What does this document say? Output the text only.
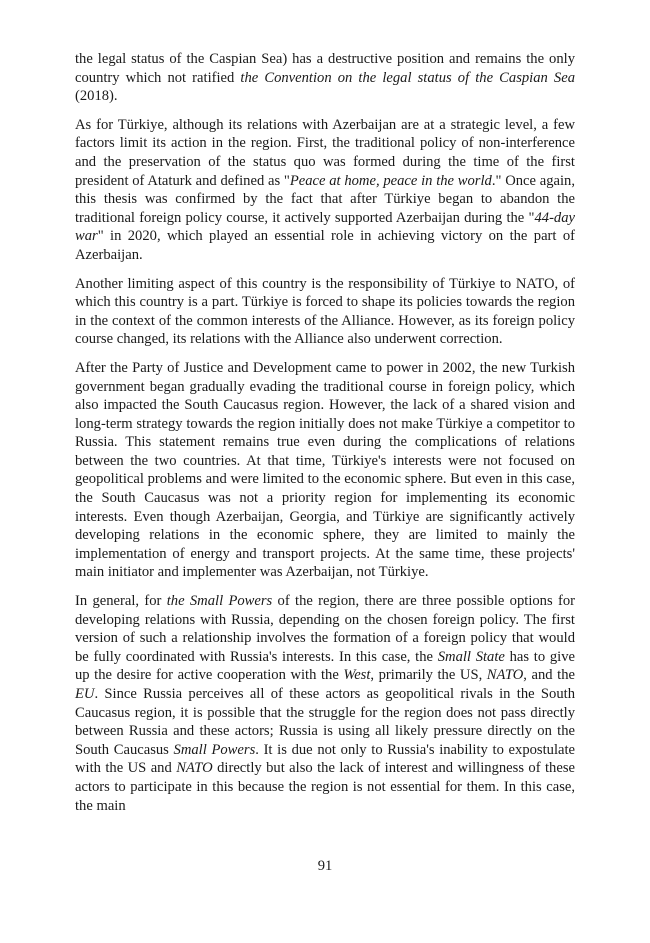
the legal status of the Caspian Sea) has a destructive position and remains the only country which not ratified the Convention on the legal status of the Caspian Sea (2018).

As for Türkiye, although its relations with Azerbaijan are at a strategic level, a few factors limit its action in the region. First, the traditional policy of non-interference and the preservation of the status quo was formed during the time of the first president of Ataturk and defined as "Peace at home, peace in the world." Once again, this thesis was confirmed by the fact that after Türkiye began to abandon the traditional foreign policy course, it actively supported Azerbaijan during the "44-day war" in 2020, which played an essential role in achieving victory on the part of Azerbaijan.

Another limiting aspect of this country is the responsibility of Türkiye to NATO, of which this country is a part. Türkiye is forced to shape its policies towards the region in the context of the common interests of the Alliance. However, as its foreign policy course changed, its relations with the Alliance also underwent correction.

After the Party of Justice and Development came to power in 2002, the new Turkish government began gradually evading the traditional course in foreign policy, which also impacted the South Caucasus region. However, the lack of a shared vision and long-term strategy towards the region initially does not make Türkiye a competitor to Russia. This statement remains true even during the complications of relations between the two countries. At that time, Türkiye's interests were not focused on geopolitical problems and were limited to the economic sphere. But even in this case, the South Caucasus was not a priority region for implementing its economic interests. Even though Azerbaijan, Georgia, and Türkiye are significantly actively developing relations in the economic sphere, they are limited to mainly the implementation of energy and transport projects. At the same time, these projects' main initiator and implementer was Azerbaijan, not Türkiye.

In general, for the Small Powers of the region, there are three possible options for developing relations with Russia, depending on the chosen foreign policy. The first version of such a relationship involves the formation of a foreign policy that would be fully coordinated with Russia's interests. In this case, the Small State has to give up the desire for active cooperation with the West, primarily the US, NATO, and the EU. Since Russia perceives all of these actors as geopolitical rivals in the South Caucasus region, it is possible that the struggle for the region does not pass directly between Russia and these actors; Russia is using all likely pressure directly on the South Caucasus Small Powers. It is due not only to Russia's inability to expostulate with the US and NATO directly but also the lack of interest and willingness of these actors to participate in this because the region is not essential for them. In this case, the main

91
